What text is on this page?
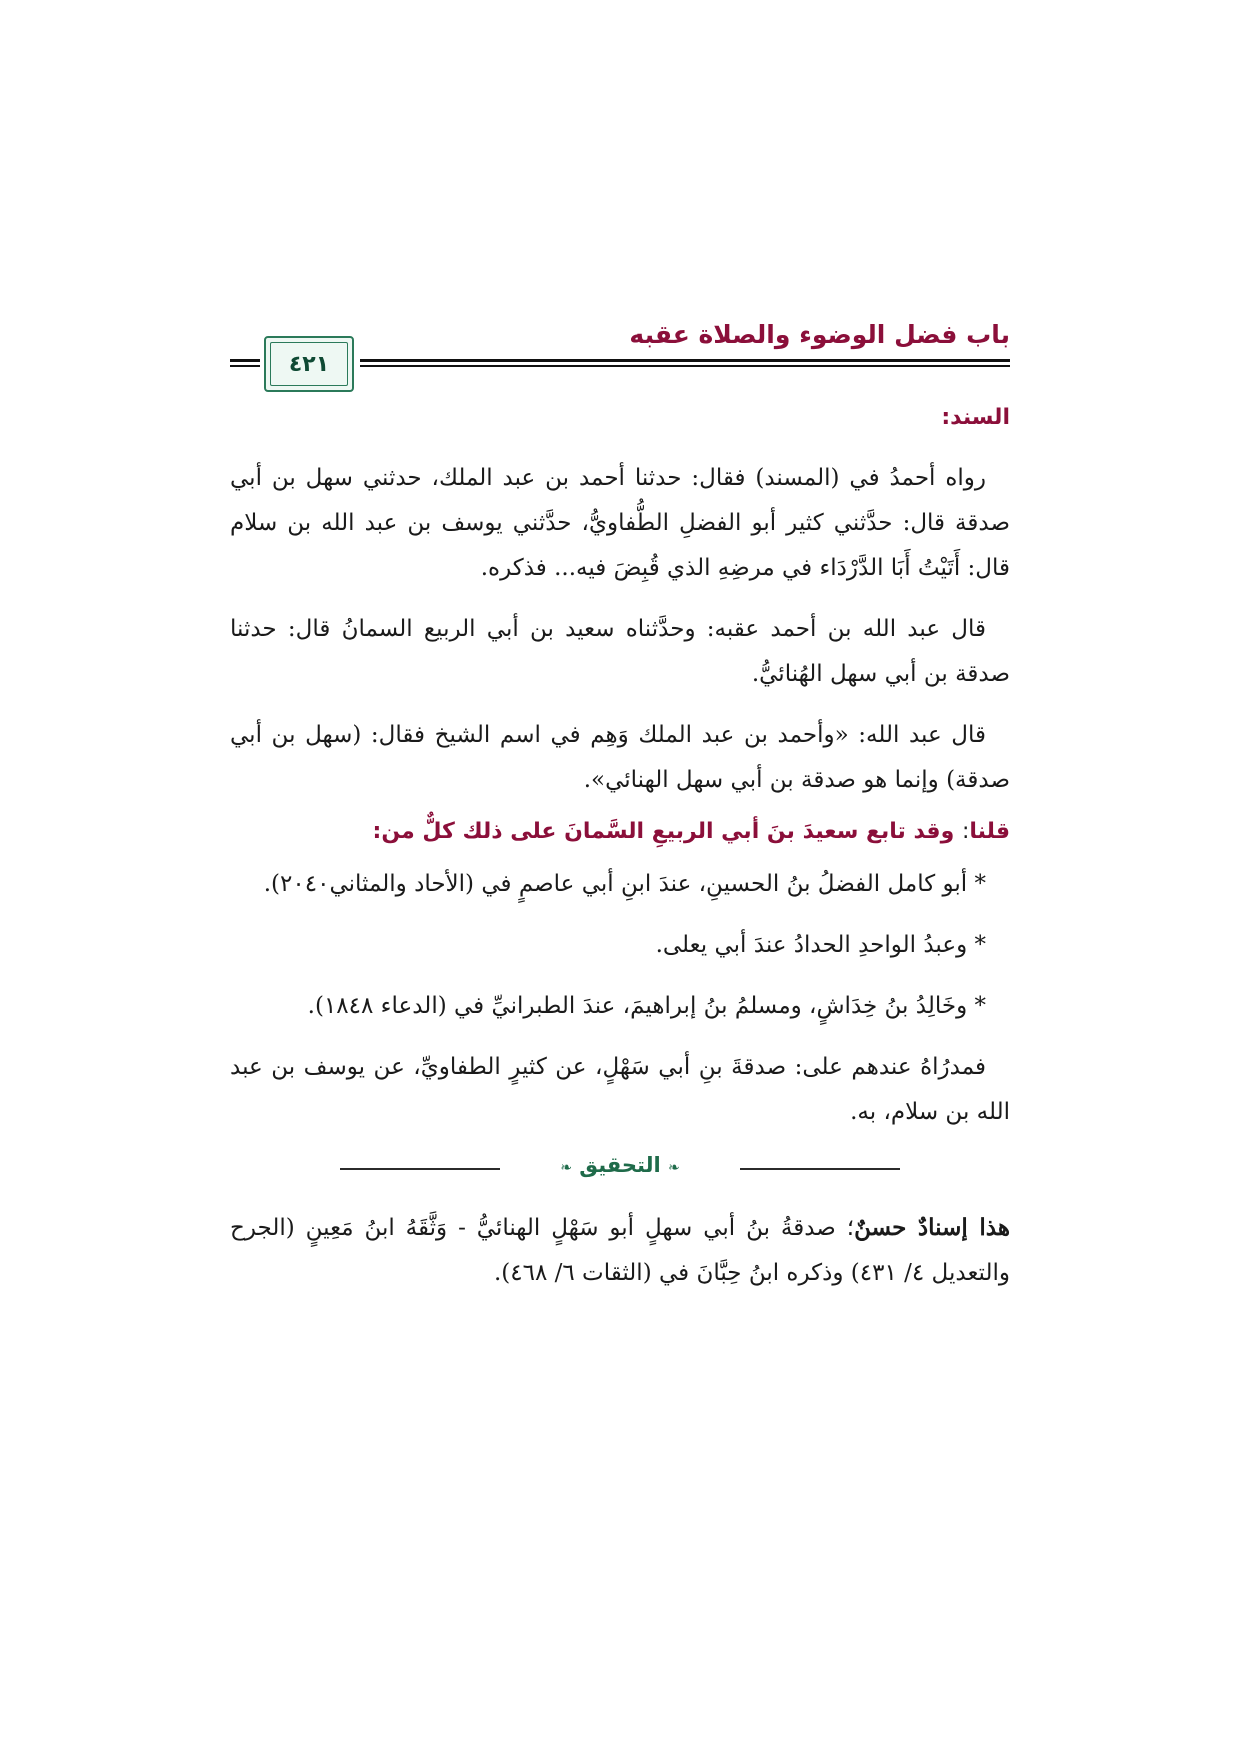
باب فضل الوضوء والصلاة عقبه
٤٢١
السند:

رواه أحمدُ في (المسند) فقال: حدثنا أحمد بن عبد الملك، حدثني سهل بن أبي صدقة قال: حدَّثني كثير أبو الفضلِ الطُّفاويُّ، حدَّثني يوسف بن عبد الله بن سلام قال: أَتَيْتُ أَبَا الدَّرْدَاء في مرضِهِ الذي قُبِضَ فيه... فذكره.

قال عبد الله بن أحمد عقبه: وحدَّثناه سعيد بن أبي الربيع السمانُ قال: حدثنا صدقة بن أبي سهل الهُنائيُّ.

قال عبد الله: «وأحمد بن عبد الملك وَهِم في اسم الشيخ فقال: (سهل بن أبي صدقة) وإنما هو صدقة بن أبي سهل الهنائي».

قلنا: وقد تابع سعيدَ بنَ أبي الربيعِ السَّمانَ على ذلك كلٌّ من:

* أبو كامل الفضلُ بنُ الحسينِ، عندَ ابنِ أبي عاصمٍ في (الأحاد والمثاني٢٠٤٠).

* وعبدُ الواحدِ الحدادُ عندَ أبي يعلى.

* وخَالِدُ بنُ خِدَاشٍ، ومسلمُ بنُ إبراهيمَ، عندَ الطبرانيِّ في (الدعاء ١٨٤٨).

فمدرُاهُ عندهم على: صدقةَ بنِ أبي سَهْلٍ، عن كثيرٍ الطفاويِّ، عن يوسف بن عبد الله بن سلام، به.

❧ التحقيق ❧

هذا إسنادٌ حسنٌ؛ صدقةُ بنُ أبي سهلٍ أبو سَهْلٍ الهنائيُّ - وَثَّقَهُ ابنُ مَعِينٍ (الجرح والتعديل ٤/ ٤٣١) وذكره ابنُ حِبَّانَ في (الثقات ٦/ ٤٦٨).
